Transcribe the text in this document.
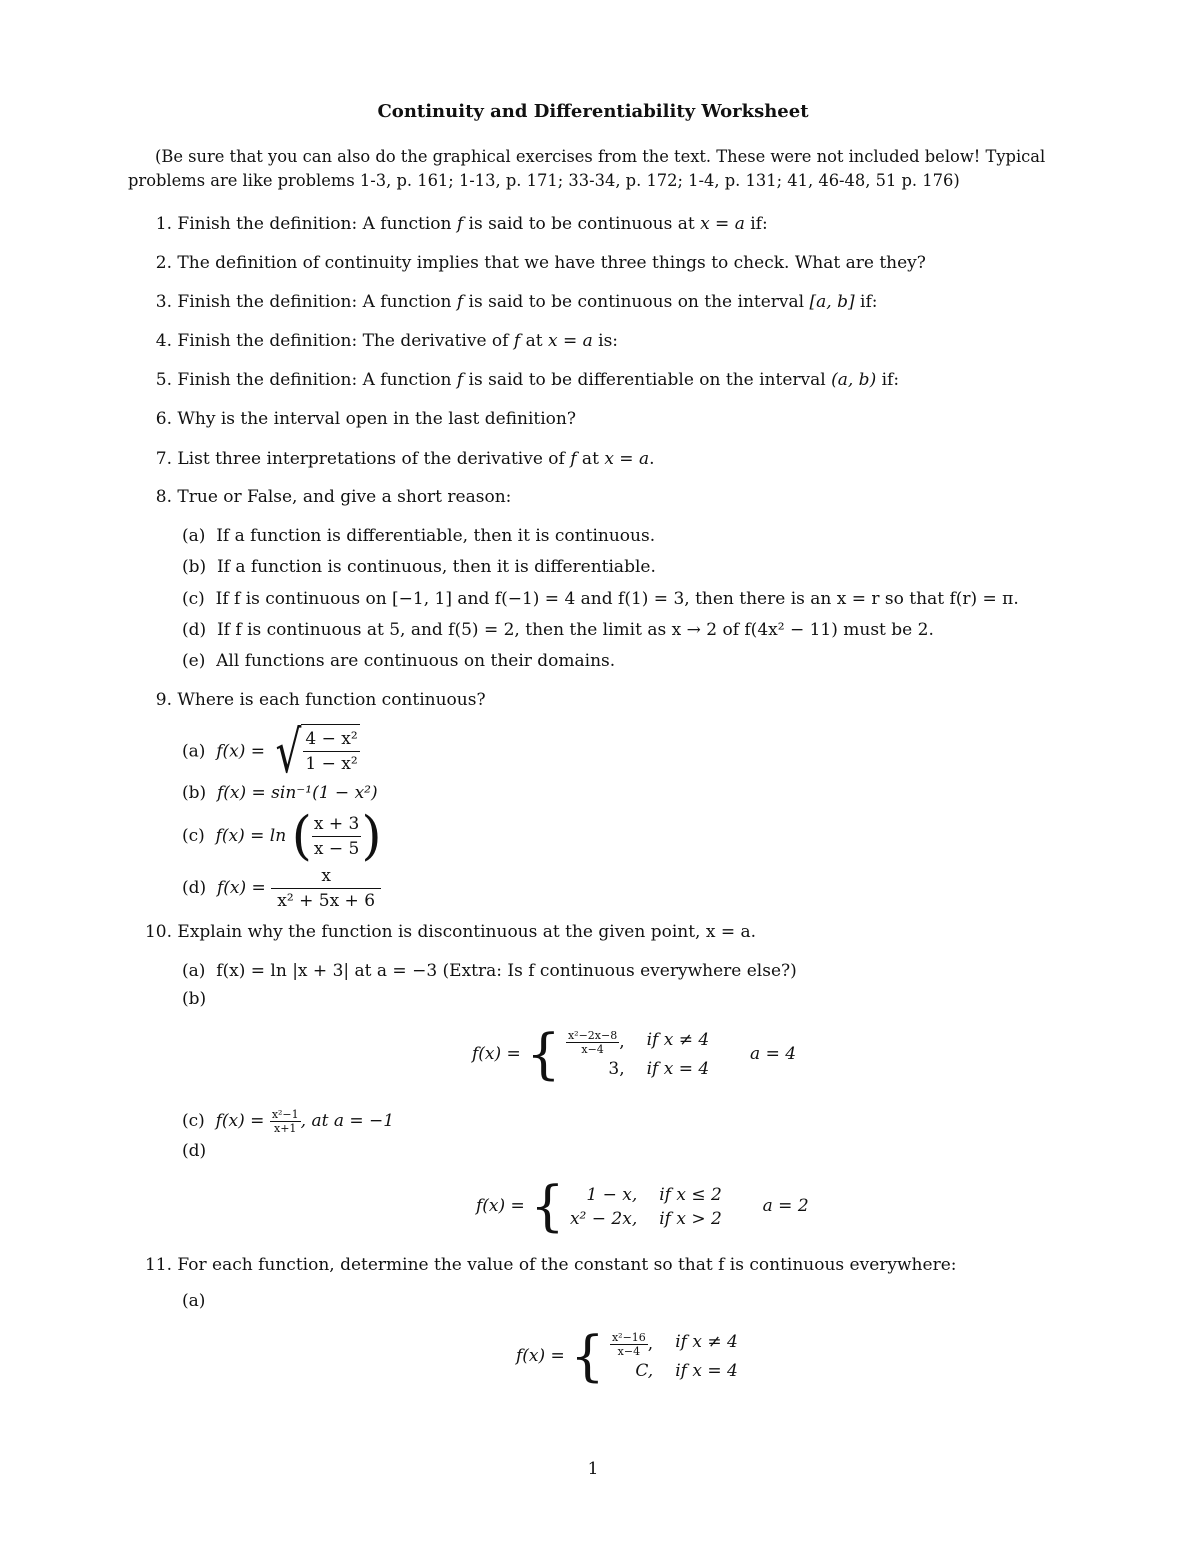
Continuity and Differentiability Worksheet
(Be sure that you can also do the graphical exercises from the text. These were not included below! Typical
problems are like problems 1-3, p. 161; 1-13, p. 171; 33-34, p. 172; 1-4, p. 131; 41, 46-48, 51 p. 176)
1. Finish the definition: A function f is said to be continuous at x = a if:
2. The definition of continuity implies that we have three things to check. What are they?
3. Finish the definition: A function f is said to be continuous on the interval [a, b] if:
4. Finish the definition: The derivative of f at x = a is:
5. Finish the definition: A function f is said to be differentiable on the interval (a, b) if:
6. Why is the interval open in the last definition?
7. List three interpretations of the derivative of f at x = a.
8. True or False, and give a short reason:
(a) If a function is differentiable, then it is continuous.
(b) If a function is continuous, then it is differentiable.
(c) If f is continuous on [−1, 1] and f(−1) = 4 and f(1) = 3, then there is an x = r so that f(r) = π.
(d) If f is continuous at 5, and f(5) = 2, then the limit as x → 2 of f(4x² − 11) must be 2.
(e) All functions are continuous on their domains.
9. Where is each function continuous?
(a) f(x) = √ $\frac{\text{4 − x²}}{\text{1 − x²}}$
(b) f(x) = sin⁻¹(1 − x²)
(c) f(x) = ln ( $\frac{x + 3}{x - 5}$ )
(d) $f(x) = \frac{x}{\text{x² + 5x + 6}}$
10. Explain why the function is discontinuous at the given point, x = a.
(a) f(x) = ln |x + 3| at a = −3 (Extra: Is f continuous everywhere else?)
(b)
f(x) = { $\frac{\text{x²−2x−8}}{x-4}$ , if x ≠ 4
3, if x = 4
a = 4
(c) $f(x) = \frac{\text{x²−1}}{x+1}$ , at a = −1
(d)
f(x) = {	1 − x, if x ≤ 2
x² − 2x, if x > 2
a = 2
11. For each function, determine the value of the constant so that f is continuous everywhere:
(a)
f(x) = { $\frac{\text{x²−16}}{x-4}$ , if x ≠ 4
C, if x = 4
1
